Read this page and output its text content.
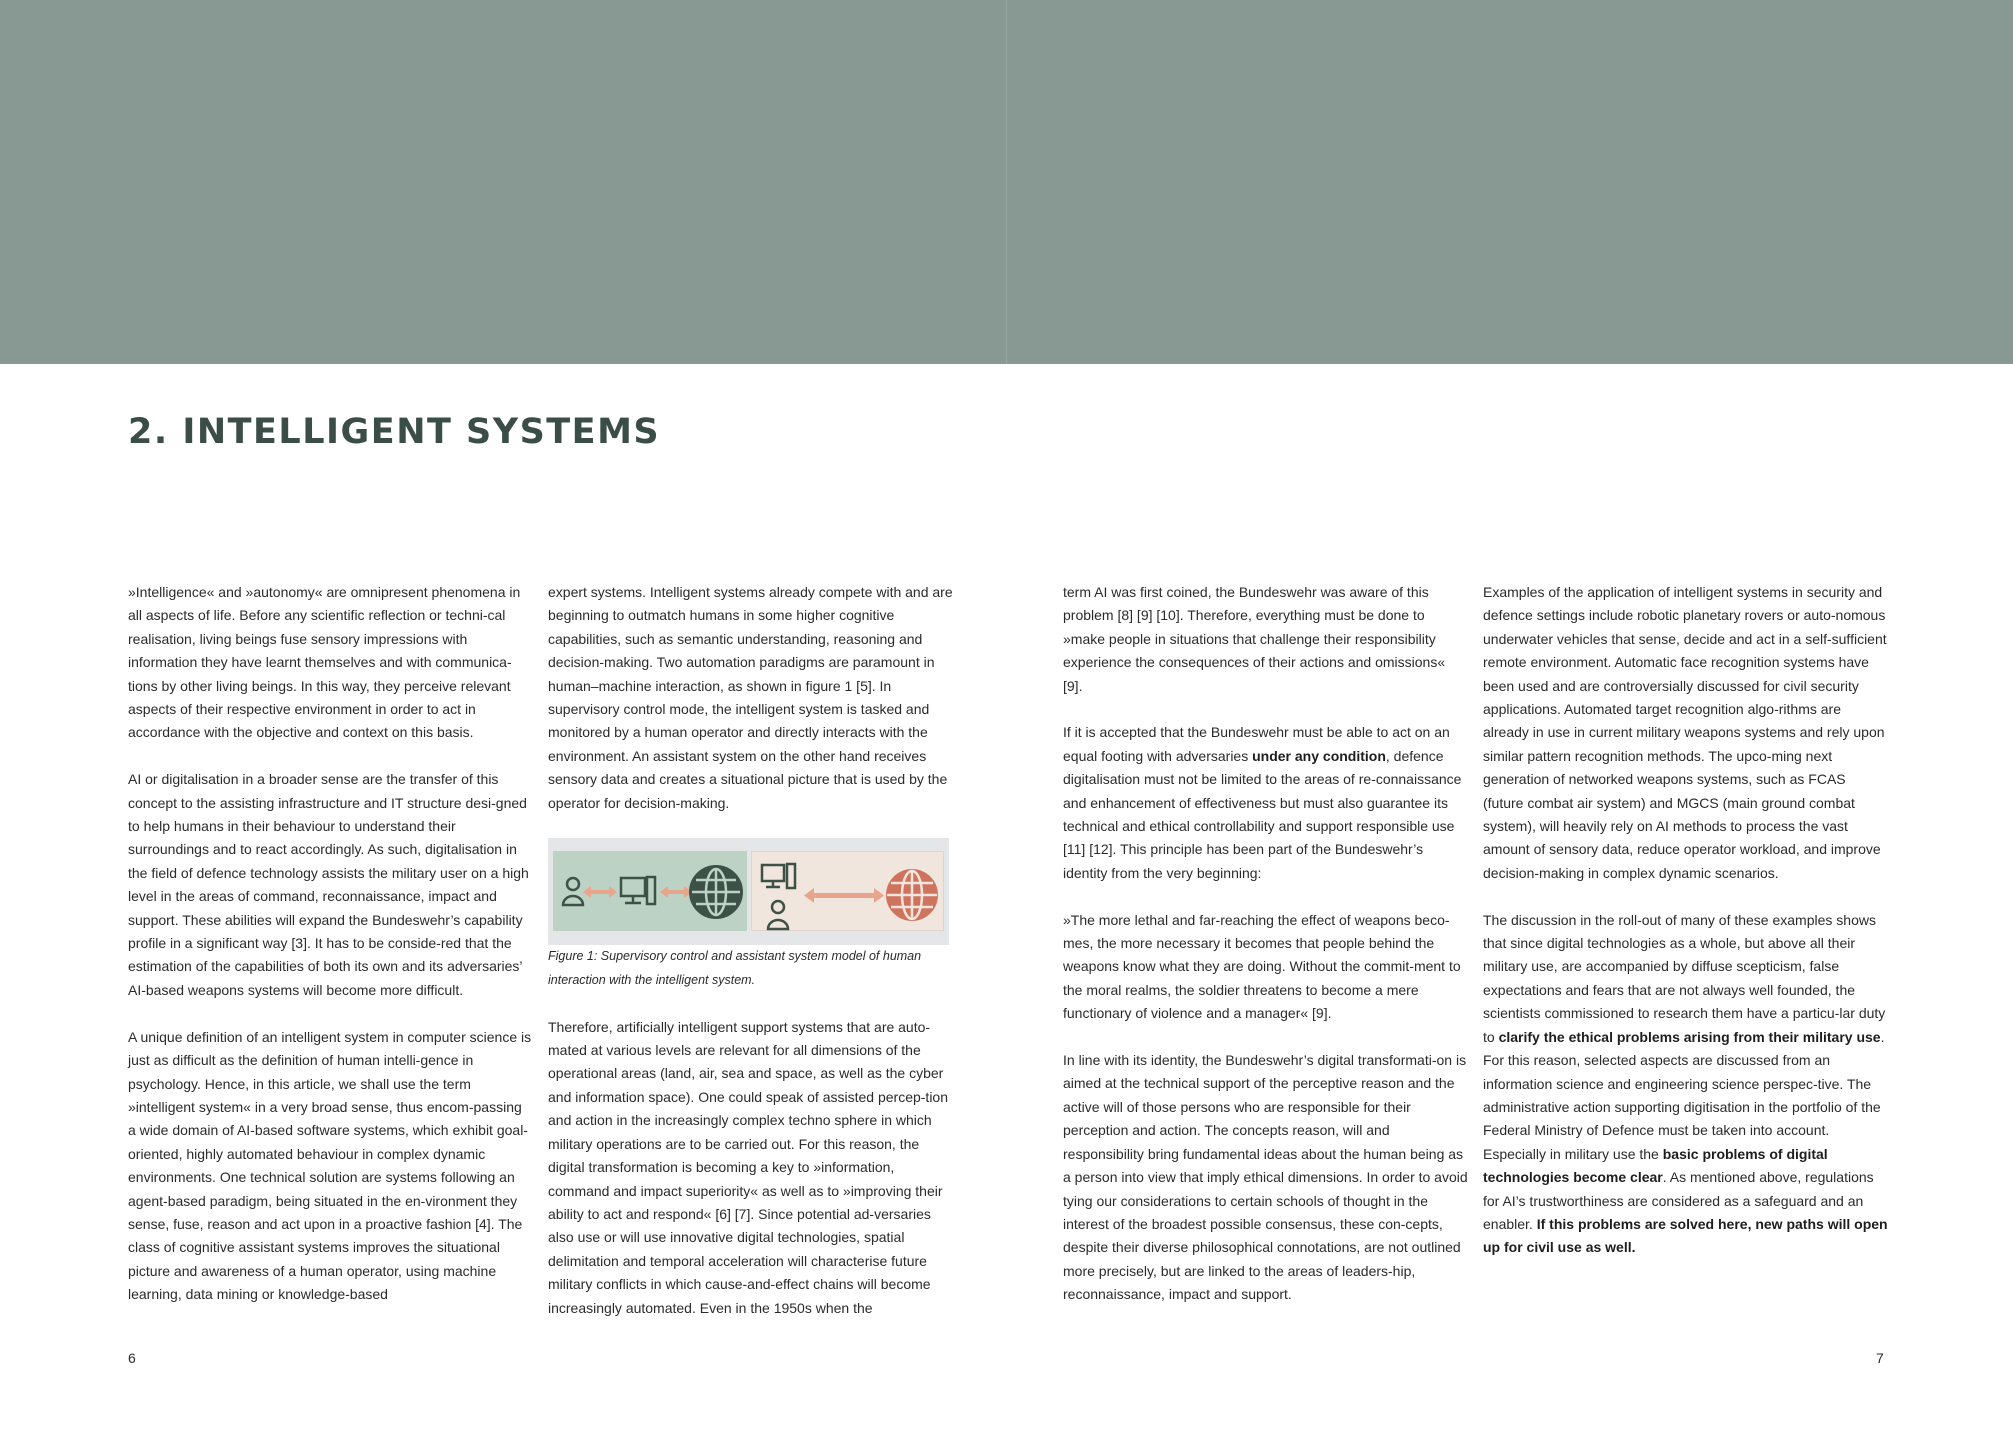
2. INTELLIGENT SYSTEMS

»Intelligence« and »autonomy« are omnipresent phenomena in all aspects of life. Before any scientific reflection or techni-cal realisation, living beings fuse sensory impressions with information they have learnt themselves and with communica-tions by other living beings. In this way, they perceive relevant aspects of their respective environment in order to act in accordance with the objective and context on this basis.

AI or digitalisation in a broader sense are the transfer of this concept to the assisting infrastructure and IT structure desi-gned to help humans in their behaviour to understand their surroundings and to react accordingly. As such, digitalisation in the field of defence technology assists the military user on a high level in the areas of command, reconnaissance, impact and support. These abilities will expand the Bundeswehr’s capability profile in a significant way [3]. It has to be conside-red that the estimation of the capabilities of both its own and its adversaries’ AI-based weapons systems will become more difficult.

A unique definition of an intelligent system in computer science is just as difficult as the definition of human intelli-gence in psychology. Hence, in this article, we shall use the term »intelligent system« in a very broad sense, thus encom-passing a wide domain of AI-based software systems, which exhibit goal-oriented, highly automated behaviour in complex dynamic environments. One technical solution are systems following an agent-based paradigm, being situated in the en-vironment they sense, fuse, reason and act upon in a proactive fashion [4]. The class of cognitive assistant systems improves the situational picture and awareness of a human operator, using machine learning, data mining or knowledge-based

expert systems. Intelligent systems already compete with and are beginning to outmatch humans in some higher cognitive capabilities, such as semantic understanding, reasoning and decision-making. Two automation paradigms are paramount in human–machine interaction, as shown in figure 1 [5]. In supervisory control mode, the intelligent system is tasked and monitored by a human operator and directly interacts with the environment. An assistant system on the other hand receives sensory data and creates a situational picture that is used by the operator for decision-making.

Figure 1: Supervisory control and assistant system model of human interaction with the intelligent system.

Therefore, artificially intelligent support systems that are auto-mated at various levels are relevant for all dimensions of the operational areas (land, air, sea and space, as well as the cyber and information space). One could speak of assisted percep-tion and action in the increasingly complex techno sphere in which military operations are to be carried out. For this reason, the digital transformation is becoming a key to »information, command and impact superiority« as well as to »improving their ability to act and respond« [6] [7]. Since potential ad-versaries also use or will use innovative digital technologies, spatial delimitation and temporal acceleration will characterise future military conflicts in which cause-and-effect chains will become increasingly automated. Even in the 1950s when the

term AI was first coined, the Bundeswehr was aware of this problem [8] [9] [10]. Therefore, everything must be done to »make people in situations that challenge their responsibility experience the consequences of their actions and omissions« [9].

If it is accepted that the Bundeswehr must be able to act on an equal footing with adversaries under any condition, defence digitalisation must not be limited to the areas of re-connaissance and enhancement of effectiveness but must also guarantee its technical and ethical controllability and support responsible use [11] [12]. This principle has been part of the Bundeswehr’s identity from the very beginning:

»The more lethal and far-reaching the effect of weapons beco-mes, the more necessary it becomes that people behind the weapons know what they are doing. Without the commit-ment to the moral realms, the soldier threatens to become a mere functionary of violence and a manager« [9].

In line with its identity, the Bundeswehr’s digital transformati-on is aimed at the technical support of the perceptive reason and the active will of those persons who are responsible for their perception and action. The concepts reason, will and responsibility bring fundamental ideas about the human being as a person into view that imply ethical dimensions. In order to avoid tying our considerations to certain schools of thought in the interest of the broadest possible consensus, these con-cepts, despite their diverse philosophical connotations, are not outlined more precisely, but are linked to the areas of leaders-hip, reconnaissance, impact and support.

Examples of the application of intelligent systems in security and defence settings include robotic planetary rovers or auto-nomous underwater vehicles that sense, decide and act in a self-sufficient remote environment. Automatic face recognition systems have been used and are controversially discussed for civil security applications. Automated target recognition algo-rithms are already in use in current military weapons systems and rely upon similar pattern recognition methods. The upco-ming next generation of networked weapons systems, such as FCAS (future combat air system) and MGCS (main ground combat system), will heavily rely on AI methods to process the vast amount of sensory data, reduce operator workload, and improve decision-making in complex dynamic scenarios.

The discussion in the roll-out of many of these examples shows that since digital technologies as a whole, but above all their military use, are accompanied by diffuse scepticism, false expectations and fears that are not always well founded, the scientists commissioned to research them have a particu-lar duty to clarify the ethical problems arising from their military use. For this reason, selected aspects are discussed from an information science and engineering science perspec-tive. The administrative action supporting digitisation in the portfolio of the Federal Ministry of Defence must be taken into account. Especially in military use the basic problems of digital technologies become clear. As mentioned above, regulations for AI’s trustworthiness are considered as a safeguard and an enabler. If this problems are solved here, new paths will open up for civil use as well.

6	7
